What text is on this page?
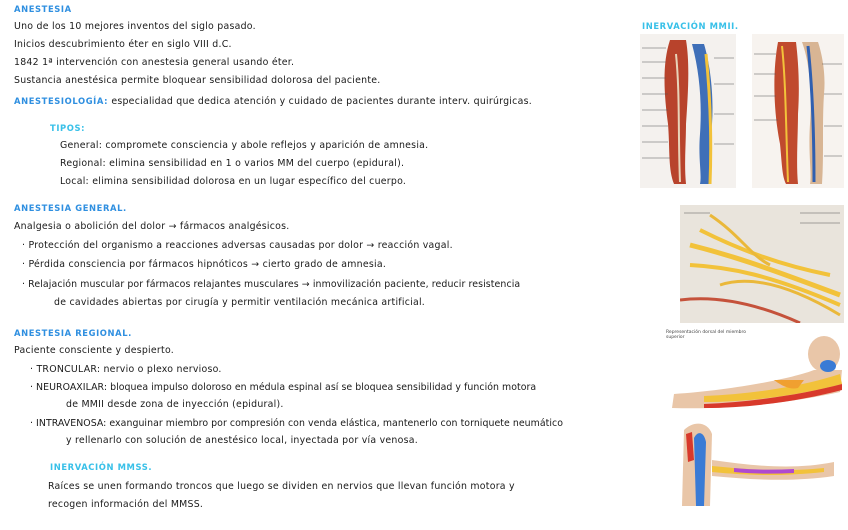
ANESTESIA
Uno de los 10 mejores inventos del siglo pasado.
Inicios descubrimiento éter en siglo VIII d.C.
1842 1ª intervención con anestesia general usando éter.
Sustancia anestésica permite bloquear sensibilidad dolorosa del paciente.
ANESTESIOLOGÍA: especialidad que dedica atención y cuidado de pacientes durante interv. quirúrgicas.
TIPOS:
General: compromete consciencia y abole reflejos y aparición de amnesia.
Regional: elimina sensibilidad en 1 o varios MM del cuerpo (epidural).
Local: elimina sensibilidad dolorosa en un lugar específico del cuerpo.
ANESTESIA GENERAL.
Analgesia o abolición del dolor → fármacos analgésicos.
· Protección del organismo a reacciones adversas causadas por dolor → reacción vagal.
· Pérdida consciencia por fármacos hipnóticos → cierto grado de amnesia.
· Relajación muscular por fármacos relajantes musculares → inmovilización paciente, reducir resistencia
de cavidades abiertas por cirugía y permitir ventilación mecánica artificial.
ANESTESIA REGIONAL.
Paciente consciente y despierto.
· TRONCULAR: nervio o plexo nervioso.
· NEUROAXILAR: bloquea impulso doloroso en médula espinal así se bloquea sensibilidad y función motora
de MMII desde zona de inyección (epidural).
· INTRAVENOSA: exanguinar miembro por compresión con venda elástica, mantenerlo con torniquete neumático
y rellenarlo con solución de anestésico local, inyectada por vía venosa.
INERVACIÓN MMSS.
Raíces se unen formando troncos que luego se dividen en nervios que llevan función motora y
recogen información del MMSS.
INERVACIÓN MMII.
Representación dorsal del miembro superior
